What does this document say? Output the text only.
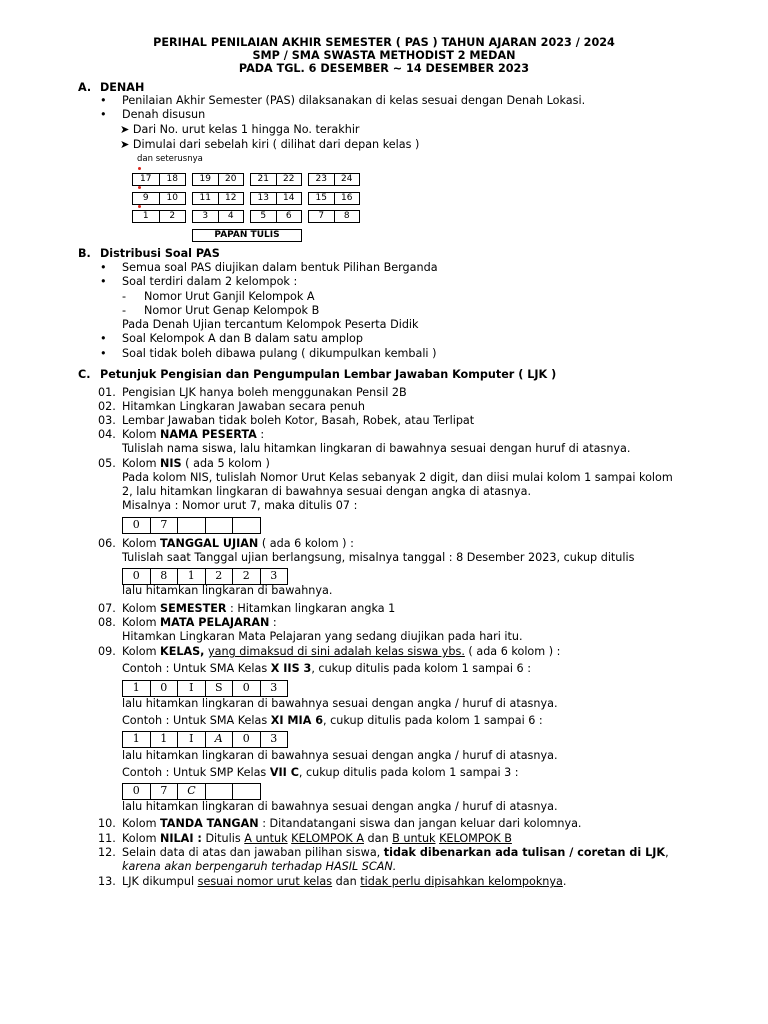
PERIHAL PENILAIAN AKHIR SEMESTER ( PAS ) TAHUN AJARAN 2023 / 2024
SMP / SMA SWASTA METHODIST 2 MEDAN
PADA TGL. 6 DESEMBER ~ 14 DESEMBER 2023
A. DENAH
• Penilaian Akhir Semester (PAS) dilaksanakan di kelas sesuai dengan Denah Lokasi.
• Denah disusun
➤ Dari No. urut kelas 1 hingga No. terakhir
➤ Dimulai dari sebelah kiri ( dilihat dari depan kelas )
dan seterusnya
17	18	19	20	21	22	23	24
9	10	11	12	13	14	15	16
1	2	3	4	5	6	7	8
PAPAN TULIS
B. Distribusi Soal PAS
• Semua soal PAS diujikan dalam bentuk Pilihan Berganda
• Soal terdiri dalam 2 kelompok :
- Nomor Urut Ganjil Kelompok A
- Nomor Urut Genap Kelompok B
Pada Denah Ujian tercantum Kelompok Peserta Didik
• Soal Kelompok A dan B dalam satu amplop
• Soal tidak boleh dibawa pulang ( dikumpulkan kembali )
C. Petunjuk Pengisian dan Pengumpulan Lembar Jawaban Komputer ( LJK )
01. Pengisian LJK hanya boleh menggunakan Pensil 2B
02. Hitamkan Lingkaran Jawaban secara penuh
03. Lembar Jawaban tidak boleh Kotor, Basah, Robek, atau Terlipat
04. Kolom NAMA PESERTA :
Tulislah nama siswa, lalu hitamkan lingkaran di bawahnya sesuai dengan huruf di atasnya.
05. Kolom NIS ( ada 5 kolom )
Pada kolom NIS, tulislah Nomor Urut Kelas sebanyak 2 digit, dan diisi mulai kolom 1 sampai kolom
2, lalu hitamkan lingkaran di bawahnya sesuai dengan angka di atasnya.
Misalnya : Nomor urut 7, maka ditulis 07 :
0	7
06. Kolom TANGGAL UJIAN ( ada 6 kolom ) :
Tulislah saat Tanggal ujian berlangsung, misalnya tanggal : 8 Desember 2023, cukup ditulis
0	8	1	2	2	3
lalu hitamkan lingkaran di bawahnya.
07. Kolom SEMESTER : Hitamkan lingkaran angka 1
08. Kolom MATA PELAJARAN :
Hitamkan Lingkaran Mata Pelajaran yang sedang diujikan pada hari itu.
09. Kolom KELAS, yang dimaksud di sini adalah kelas siswa ybs. ( ada 6 kolom ) :
Contoh : Untuk SMA Kelas X IIS 3, cukup ditulis pada kolom 1 sampai 6 :
1	0	I	S	0	3
lalu hitamkan lingkaran di bawahnya sesuai dengan angka / huruf di atasnya.
Contoh : Untuk SMA Kelas XI MIA 6, cukup ditulis pada kolom 1 sampai 6 :
1	1	I	A	0	3
lalu hitamkan lingkaran di bawahnya sesuai dengan angka / huruf di atasnya.
Contoh : Untuk SMP Kelas VII C, cukup ditulis pada kolom 1 sampai 3 :
0	7	C
lalu hitamkan lingkaran di bawahnya sesuai dengan angka / huruf di atasnya.
10. Kolom TANDA TANGAN : Ditandatangani siswa dan jangan keluar dari kolomnya.
11. Kolom NILAI : Ditulis A untuk KELOMPOK A dan B untuk KELOMPOK B
12. Selain data di atas dan jawaban pilihan siswa, tidak dibenarkan ada tulisan / coretan di LJK,
karena akan berpengaruh terhadap HASIL SCAN.
13. LJK dikumpul sesuai nomor urut kelas dan tidak perlu dipisahkan kelompoknya.
